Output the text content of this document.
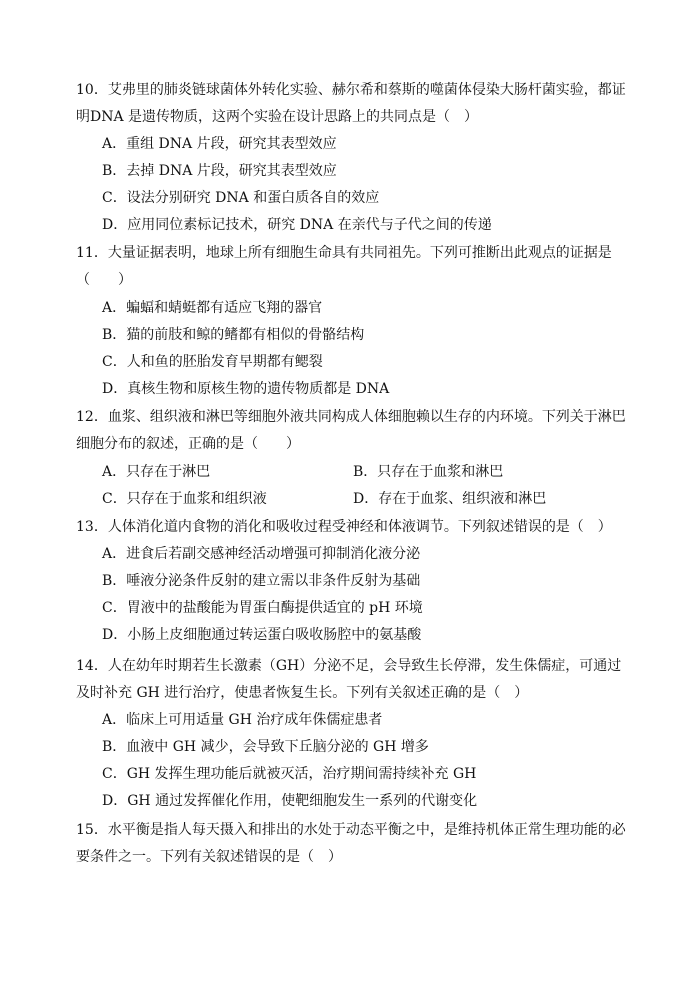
10．艾弗里的肺炎链球菌体外转化实验、赫尔希和蔡斯的噬菌体侵染大肠杆菌实验，都证
明DNA 是遗传物质，这两个实验在设计思路上的共同点是（　）

A．重组 DNA 片段，研究其表型效应

B．去掉 DNA 片段，研究其表型效应

C．设法分别研究 DNA 和蛋白质各自的效应

D．应用同位素标记技术，研究 DNA 在亲代与子代之间的传递

11．大量证据表明，地球上所有细胞生命具有共同祖先。下列可推断出此观点的证据是
（　　）

A．蝙蝠和蜻蜓都有适应飞翔的器官

B．猫的前肢和鲸的鳍都有相似的骨骼结构

C．人和鱼的胚胎发育早期都有鳃裂

D．真核生物和原核生物的遗传物质都是 DNA

12．血浆、组织液和淋巴等细胞外液共同构成人体细胞赖以生存的内环境。下列关于淋巴
细胞分布的叙述，正确的是（　　）

A．只存在于淋巴	B．只存在于血浆和淋巴

C．只存在于血浆和组织液	D．存在于血浆、组织液和淋巴

13．人体消化道内食物的消化和吸收过程受神经和体液调节。下列叙述错误的是（　）

A．进食后若副交感神经活动增强可抑制消化液分泌

B．唾液分泌条件反射的建立需以非条件反射为基础

C．胃液中的盐酸能为胃蛋白酶提供适宜的 pH 环境

D．小肠上皮细胞通过转运蛋白吸收肠腔中的氨基酸

14．人在幼年时期若生长激素（GH）分泌不足，会导致生长停滞，发生侏儒症，可通过
及时补充 GH 进行治疗，使患者恢复生长。下列有关叙述正确的是（　）

A．临床上可用适量 GH 治疗成年侏儒症患者

B．血液中 GH 减少，会导致下丘脑分泌的 GH 增多

C．GH 发挥生理功能后就被灭活，治疗期间需持续补充 GH

D．GH 通过发挥催化作用，使靶细胞发生一系列的代谢变化

15．水平衡是指人每天摄入和排出的水处于动态平衡之中，是维持机体正常生理功能的必
要条件之一。下列有关叙述错误的是（　）
